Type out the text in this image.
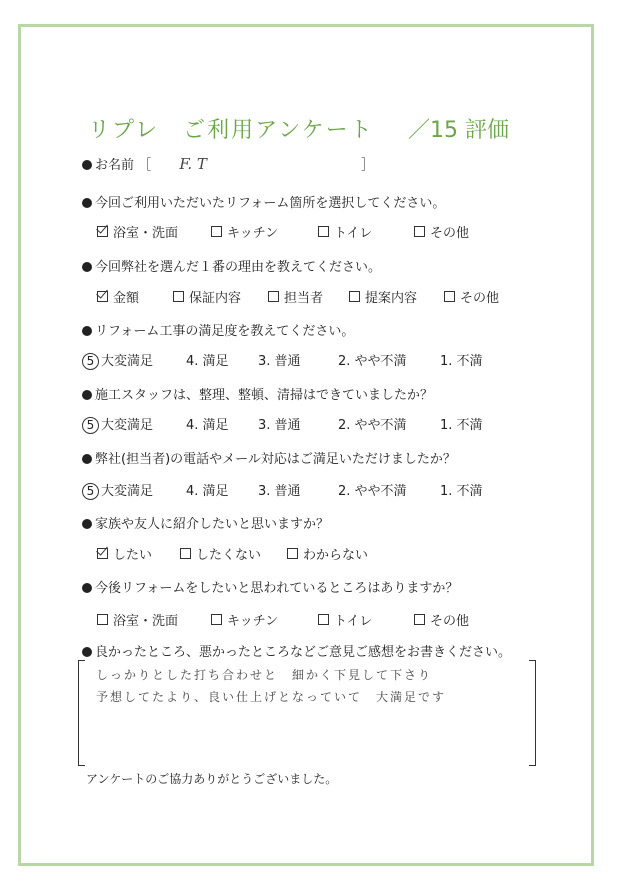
リプレ　ご利用アンケート ／15 評価
お名前 ［ F. T	］
今回ご利用いただいたリフォーム箇所を選択してください。
浴室・洗面	キッチン	トイレ	その他
今回弊社を選んだ１番の理由を教えてください。
金額	保証内容	担当者	提案内容	その他
リフォーム工事の満足度を教えてください。
5 大変満足	4. 満足 3. 普通	2. やや不満	1. 不満
施工スタッフは、整理、整頓、清掃はできていましたか？
5 大変満足	4. 満足 3. 普通	2. やや不満	1. 不満
弊社(担当者)の電話やメール対応はご満足いただけましたか？
5 大変満足	4. 満足 3. 普通	2. やや不満	1. 不満
家族や友人に紹介したいと思いますか？
したい	したくない	わからない
今後リフォームをしたいと思われているところはありますか？
浴室・洗面	キッチン	トイレ	その他
良かったところ、悪かったところなどご意見ご感想をお書きください。
しっかりとした打ち合わせと　細かく下見して下さり
予想してたより、良い仕上げとなっていて　大満足です
アンケートのご協力ありがとうございました。
